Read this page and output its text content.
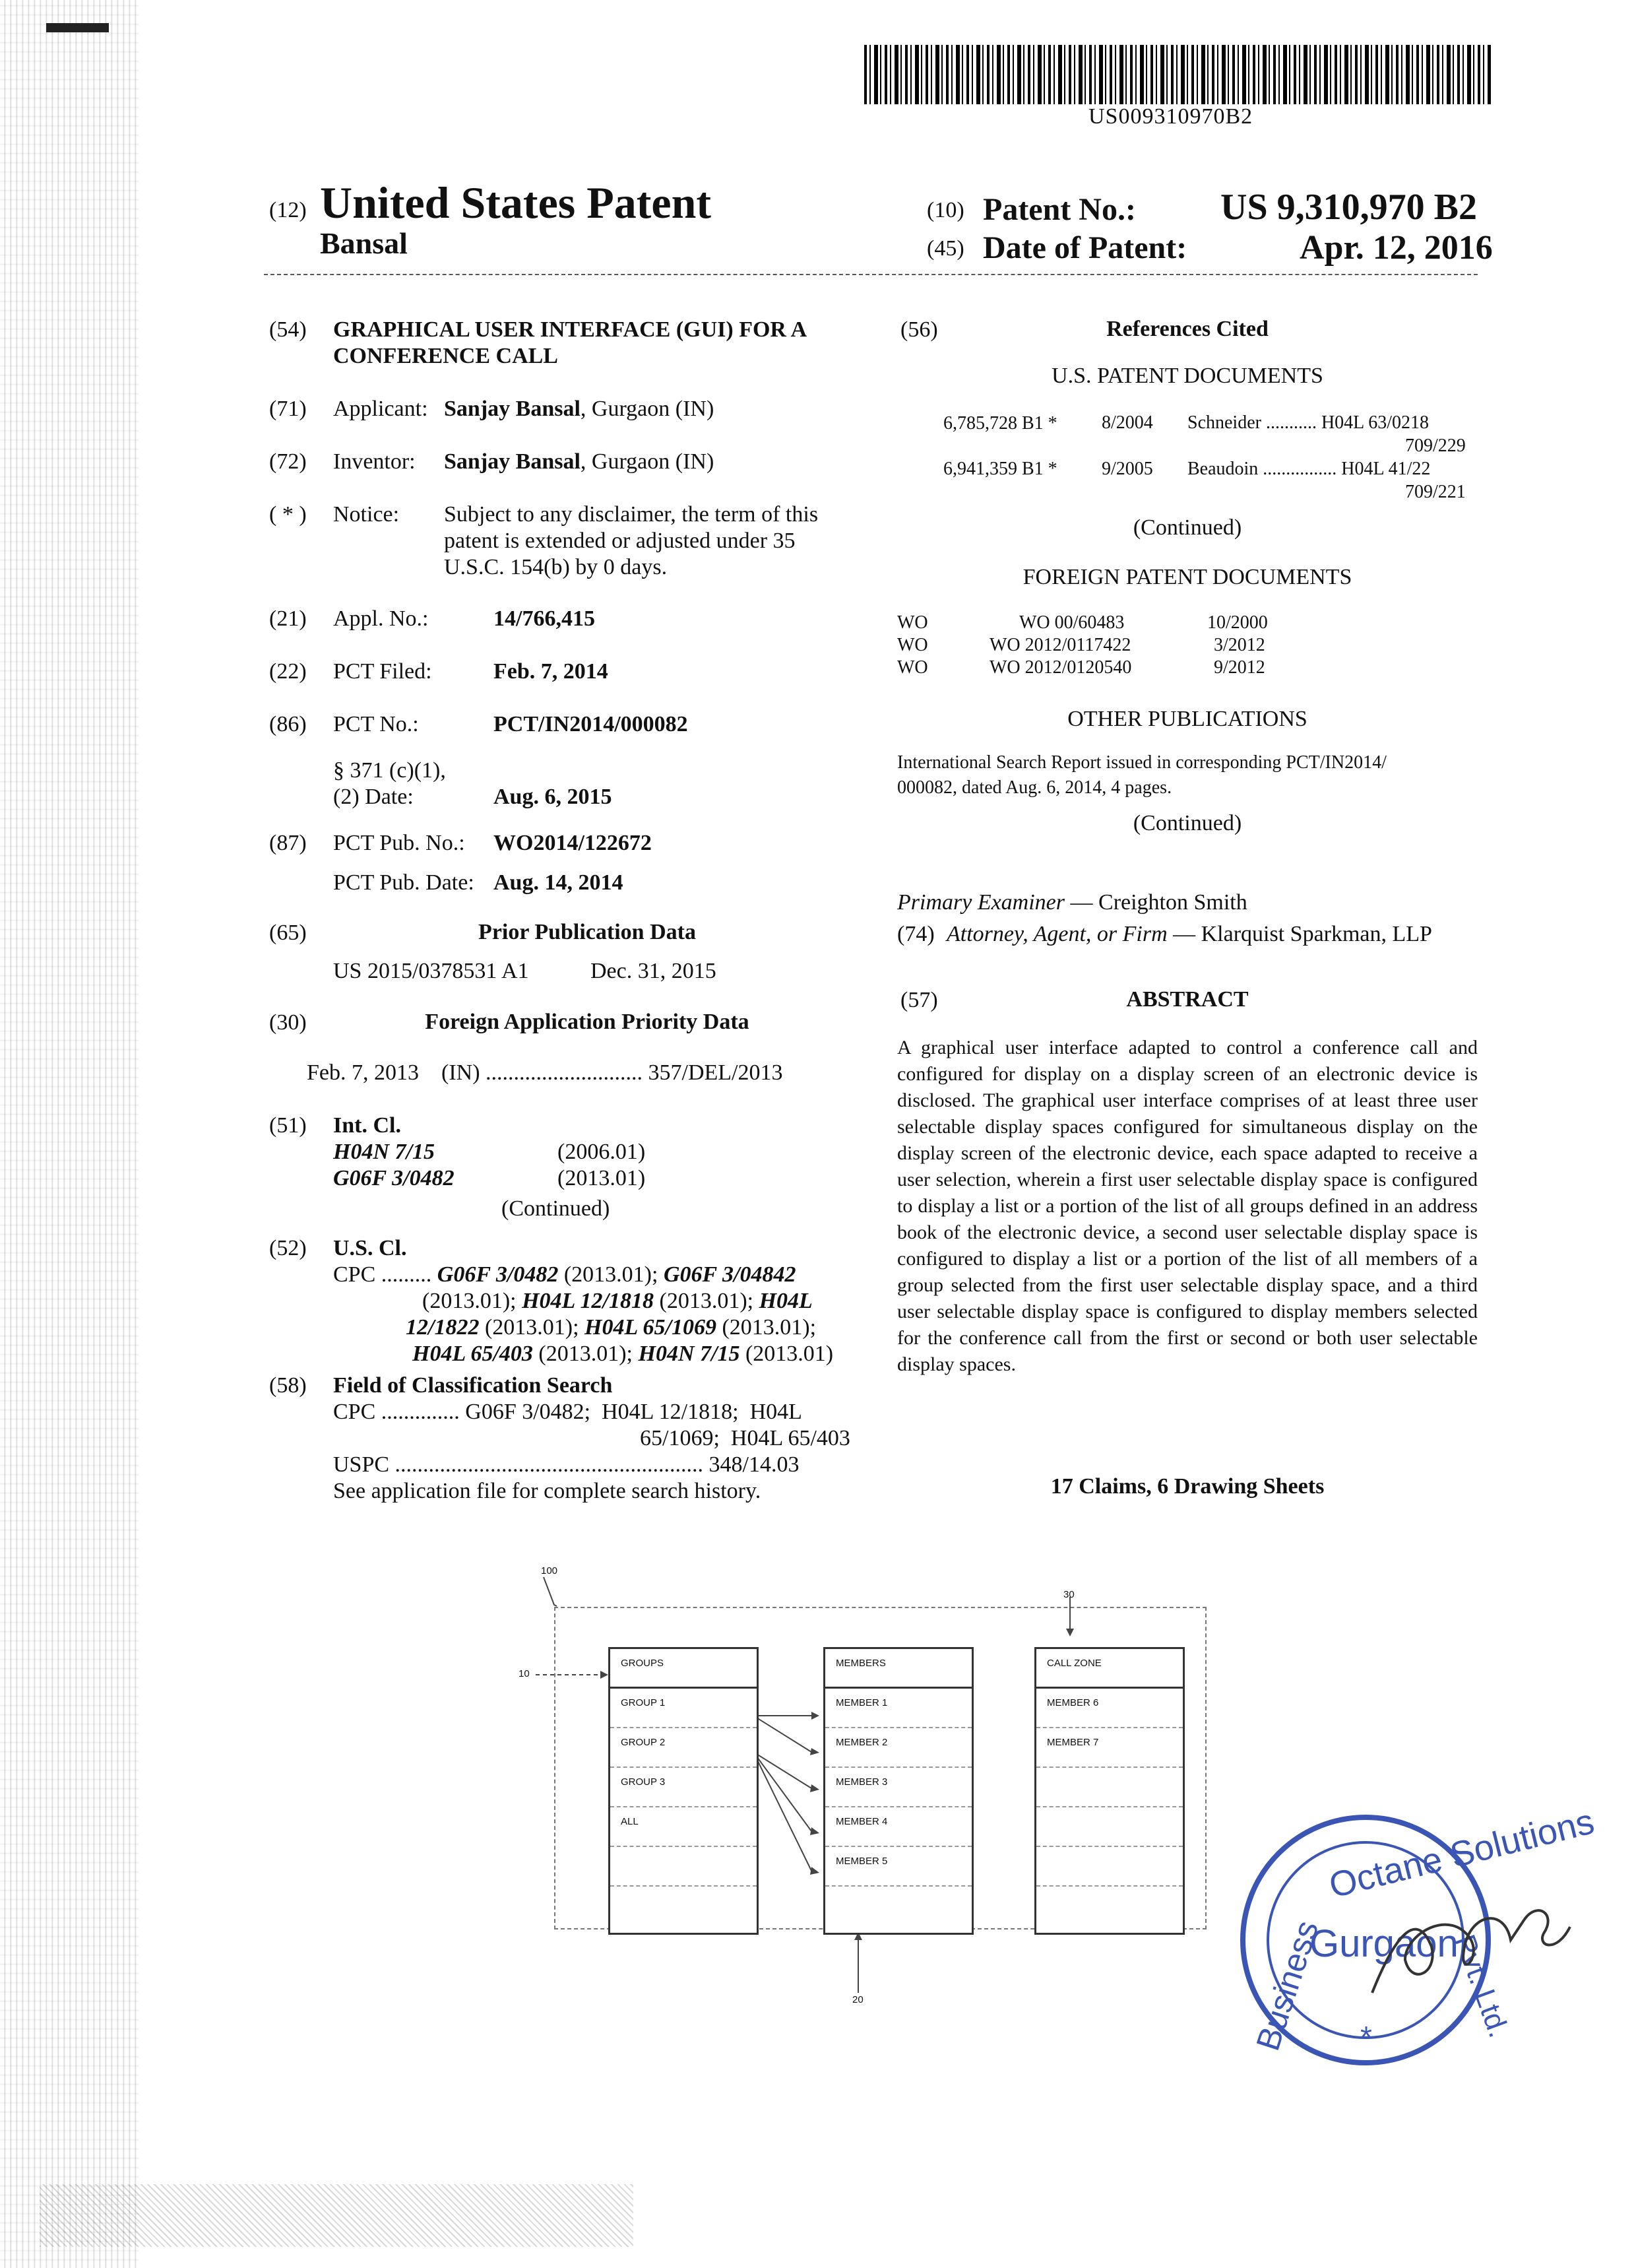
US009310970B2
(12) United States Patent
Bansal
(10) Patent No.: US 9,310,970 B2
(45) Date of Patent:	Apr. 12, 2016
(54) GRAPHICAL USER INTERFACE (GUI) FOR A
CONFERENCE CALL
(71) Applicant: Sanjay Bansal, Gurgaon (IN)
(72) Inventor: Sanjay Bansal, Gurgaon (IN)
( * ) Notice: Subject to any disclaimer, the term of this
patent is extended or adjusted under 35
U.S.C. 154(b) by 0 days.
(21) Appl. No.:	14/766,415
(22) PCT Filed:	Feb. 7, 2014
(86) PCT No.:	PCT/IN2014/000082
§ 371 (c)(1),
(2) Date:	Aug. 6, 2015
(87) PCT Pub. No.: WO2014/122672
PCT Pub. Date: Aug. 14, 2014
(65)	Prior Publication Data
US 2015/0378531 A1	Dec. 31, 2015
(30)	Foreign Application Priority Data
Feb. 7, 2013    (IN) ............................ 357/DEL/2013
(51) Int. Cl.
H04N 7/15	(2006.01)
G06F 3/0482	(2013.01)
(Continued)
(52) U.S. Cl.
CPC ......... G06F 3/0482 (2013.01); G06F 3/04842
(2013.01); H04L 12/1818 (2013.01); H04L
12/1822 (2013.01); H04L 65/1069 (2013.01);
H04L 65/403 (2013.01); H04N 7/15 (2013.01)
(58) Field of Classification Search
CPC .............. G06F 3/0482;  H04L 12/1818;  H04L
65/1069;  H04L 65/403
USPC ....................................................... 348/14.03
See application file for complete search history.
(56)	References Cited
U.S. PATENT DOCUMENTS
6,785,728 B1 * 8/2004 Schneider ........... H04L 63/0218
709/229
6,941,359 B1 * 9/2005 Beaudoin ................ H04L 41/22
709/221
(Continued)
FOREIGN PATENT DOCUMENTS
WO	WO 00/60483	10/2000
WO	WO 2012/0117422	3/2012
WO	WO 2012/0120540	9/2012
OTHER PUBLICATIONS
International Search Report issued in corresponding PCT/IN2014/
000082, dated Aug. 6, 2014, 4 pages.
(Continued)
Primary Examiner — Creighton Smith
(74) Attorney, Agent, or Firm — Klarquist Sparkman, LLP
(57)	ABSTRACT
A graphical user interface adapted to control a conference call and configured for display on a display screen of an electronic device is disclosed. The graphical user interface comprises of at least three user selectable display spaces configured for simultaneous display on the display screen of the electronic device, each space adapted to receive a user selection, wherein a first user selectable display space is configured to display a list or a portion of the list of all groups defined in an address book of the electronic device, a second user selectable display space is configured to display a list or a portion of the list of all members of a group selected from the first user selectable display space, and a third user selectable display space is configured to display members selected for the conference call from the first or second or both user selectable display spaces.
17 Claims, 6 Drawing Sheets
100
10
30
20
GROUPS
GROUP 1
GROUP 2
GROUP 3
ALL
MEMBERS
MEMBER 1
MEMBER 2
MEMBER 3
MEMBER 4
MEMBER 5
CALL ZONE
MEMBER 6
MEMBER 7
Octane Solutions
Business	Pvt. Ltd.
Gurgaon
*
